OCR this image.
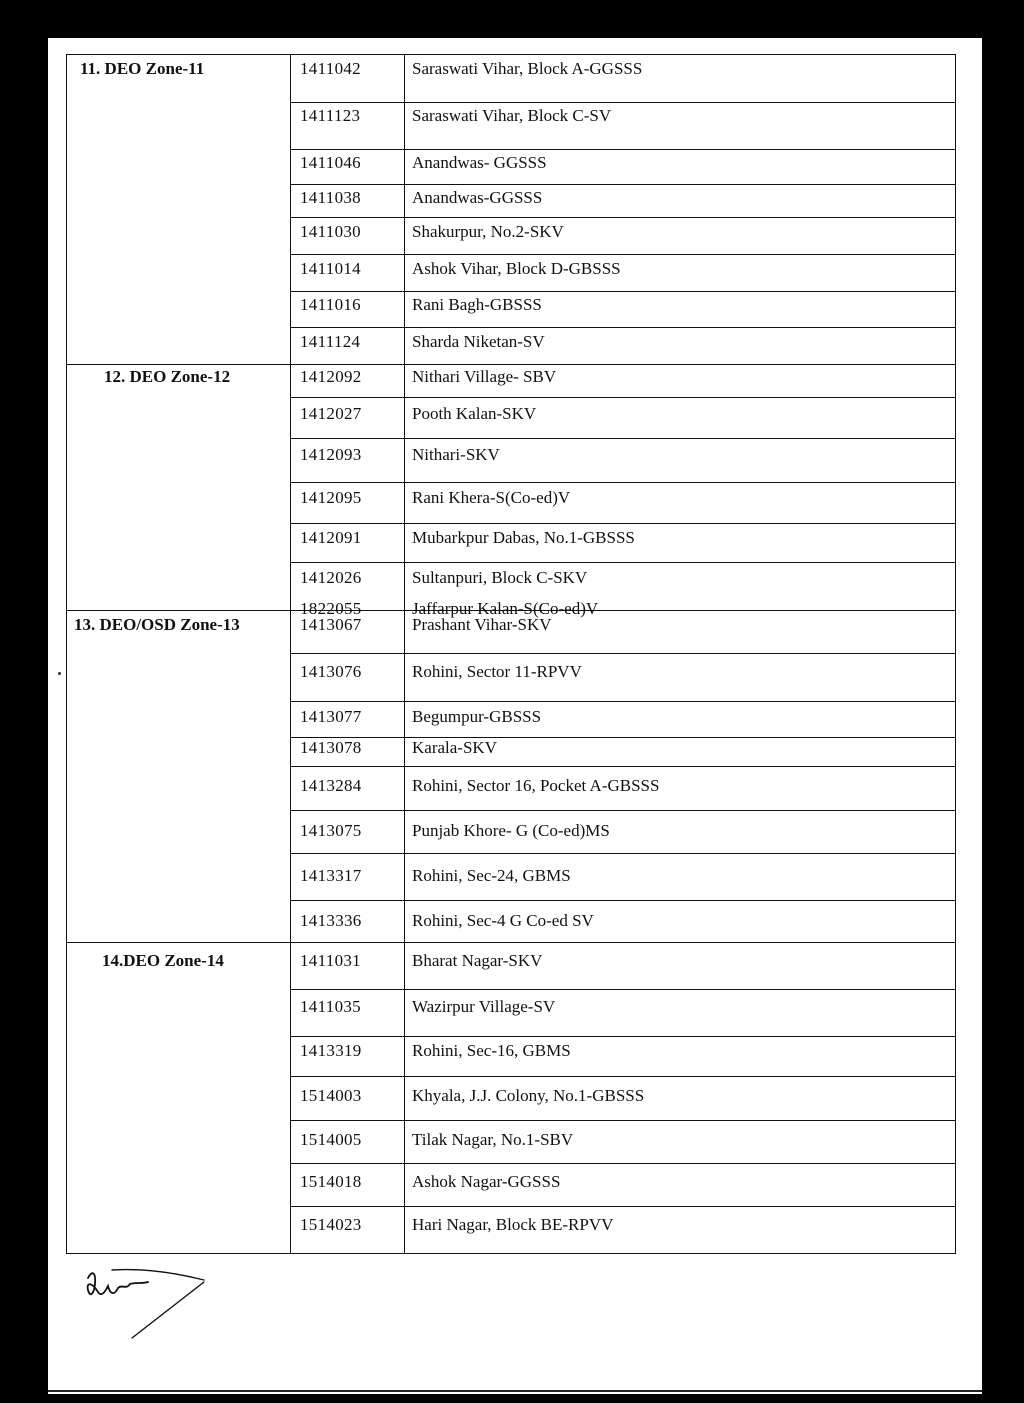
11. DEO Zone-11	1411042	Saraswati Vihar, Block A-GGSSS
1411123	Saraswati Vihar, Block C-SV
1411046	Anandwas- GGSSS
1411038	Anandwas-GGSSS
1411030	Shakurpur, No.2-SKV
1411014	Ashok Vihar, Block D-GBSSS
1411016	Rani Bagh-GBSSS
1411124	Sharda Niketan-SV
12. DEO Zone-12	1412092	Nithari Village- SBV
1412027	Pooth Kalan-SKV
1412093	Nithari-SKV
1412095	Rani Khera-S(Co-ed)V
1412091	Mubarkpur Dabas, No.1-GBSSS
1412026	Sultanpuri, Block C-SKV
1822055	Jaffarpur Kalan-S(Co-ed)V
13. DEO/OSD Zone-13	1413067	Prashant Vihar-SKV
1413076	Rohini, Sector 11-RPVV
1413077	Begumpur-GBSSS
1413078	Karala-SKV
1413284	Rohini, Sector 16, Pocket A-GBSSS
1413075	Punjab Khore- G (Co-ed)MS
1413317	Rohini, Sec-24, GBMS
1413336	Rohini, Sec-4 G Co-ed SV
14.DEO Zone-14	1411031	Bharat Nagar-SKV
1411035	Wazirpur Village-SV
1413319	Rohini, Sec-16, GBMS
1514003	Khyala, J.J. Colony, No.1-GBSSS
1514005	Tilak Nagar, No.1-SBV
1514018	Ashok Nagar-GGSSS
1514023	Hari Nagar, Block BE-RPVV
